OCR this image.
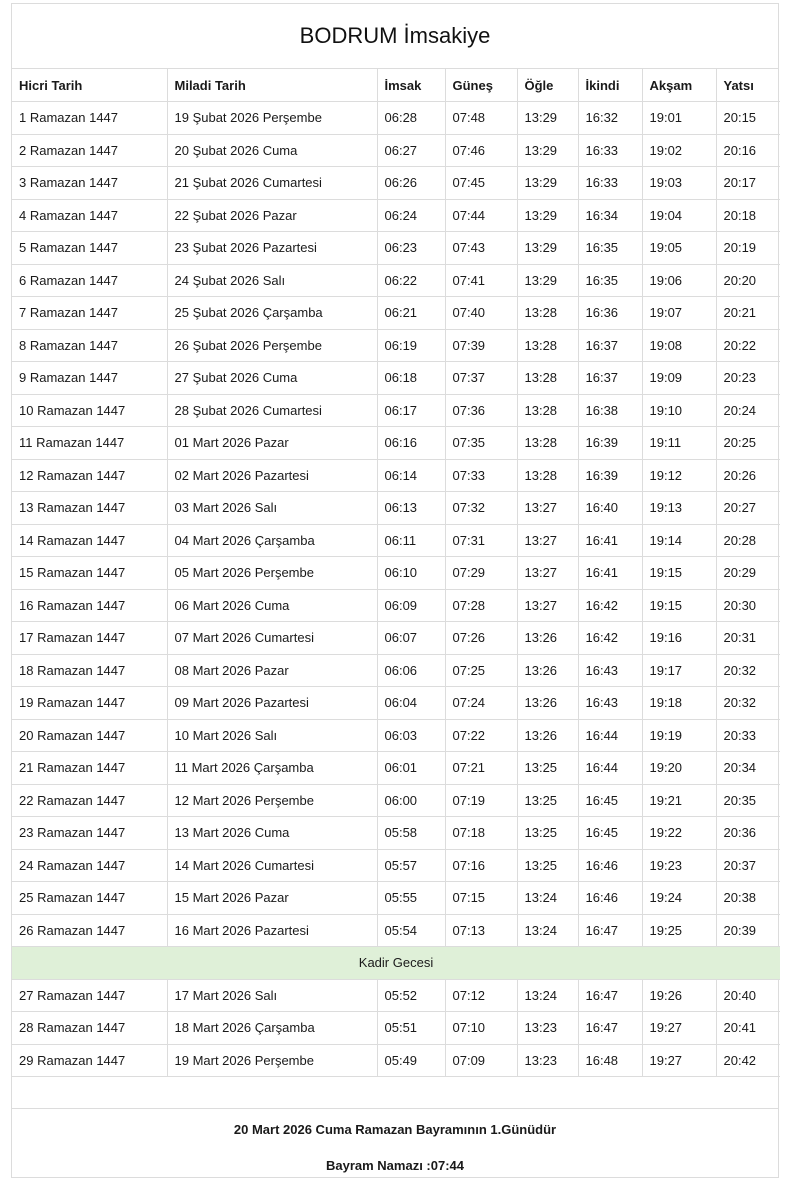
BODRUM İmsakiye
Hicri Tarih	Miladi Tarih	İmsak	Güneş	Öğle	İkindi	Akşam	Yatsı
1 Ramazan 1447	19 Şubat 2026 Perşembe	06:28	07:48	13:29	16:32	19:01	20:15
2 Ramazan 1447	20 Şubat 2026 Cuma	06:27	07:46	13:29	16:33	19:02	20:16
3 Ramazan 1447	21 Şubat 2026 Cumartesi	06:26	07:45	13:29	16:33	19:03	20:17
4 Ramazan 1447	22 Şubat 2026 Pazar	06:24	07:44	13:29	16:34	19:04	20:18
5 Ramazan 1447	23 Şubat 2026 Pazartesi	06:23	07:43	13:29	16:35	19:05	20:19
6 Ramazan 1447	24 Şubat 2026 Salı	06:22	07:41	13:29	16:35	19:06	20:20
7 Ramazan 1447	25 Şubat 2026 Çarşamba	06:21	07:40	13:28	16:36	19:07	20:21
8 Ramazan 1447	26 Şubat 2026 Perşembe	06:19	07:39	13:28	16:37	19:08	20:22
9 Ramazan 1447	27 Şubat 2026 Cuma	06:18	07:37	13:28	16:37	19:09	20:23
10 Ramazan 1447	28 Şubat 2026 Cumartesi	06:17	07:36	13:28	16:38	19:10	20:24
11 Ramazan 1447	01 Mart 2026 Pazar	06:16	07:35	13:28	16:39	19:11	20:25
12 Ramazan 1447	02 Mart 2026 Pazartesi	06:14	07:33	13:28	16:39	19:12	20:26
13 Ramazan 1447	03 Mart 2026 Salı	06:13	07:32	13:27	16:40	19:13	20:27
14 Ramazan 1447	04 Mart 2026 Çarşamba	06:11	07:31	13:27	16:41	19:14	20:28
15 Ramazan 1447	05 Mart 2026 Perşembe	06:10	07:29	13:27	16:41	19:15	20:29
16 Ramazan 1447	06 Mart 2026 Cuma	06:09	07:28	13:27	16:42	19:15	20:30
17 Ramazan 1447	07 Mart 2026 Cumartesi	06:07	07:26	13:26	16:42	19:16	20:31
18 Ramazan 1447	08 Mart 2026 Pazar	06:06	07:25	13:26	16:43	19:17	20:32
19 Ramazan 1447	09 Mart 2026 Pazartesi	06:04	07:24	13:26	16:43	19:18	20:32
20 Ramazan 1447	10 Mart 2026 Salı	06:03	07:22	13:26	16:44	19:19	20:33
21 Ramazan 1447	11 Mart 2026 Çarşamba	06:01	07:21	13:25	16:44	19:20	20:34
22 Ramazan 1447	12 Mart 2026 Perşembe	06:00	07:19	13:25	16:45	19:21	20:35
23 Ramazan 1447	13 Mart 2026 Cuma	05:58	07:18	13:25	16:45	19:22	20:36
24 Ramazan 1447	14 Mart 2026 Cumartesi	05:57	07:16	13:25	16:46	19:23	20:37
25 Ramazan 1447	15 Mart 2026 Pazar	05:55	07:15	13:24	16:46	19:24	20:38
26 Ramazan 1447	16 Mart 2026 Pazartesi	05:54	07:13	13:24	16:47	19:25	20:39
Kadir Gecesi							
27 Ramazan 1447	17 Mart 2026 Salı	05:52	07:12	13:24	16:47	19:26	20:40
28 Ramazan 1447	18 Mart 2026 Çarşamba	05:51	07:10	13:23	16:47	19:27	20:41
29 Ramazan 1447	19 Mart 2026 Perşembe	05:49	07:09	13:23	16:48	19:27	20:42
20 Mart 2026 Cuma Ramazan Bayramının 1.Günüdür
Bayram Namazı :07:44
